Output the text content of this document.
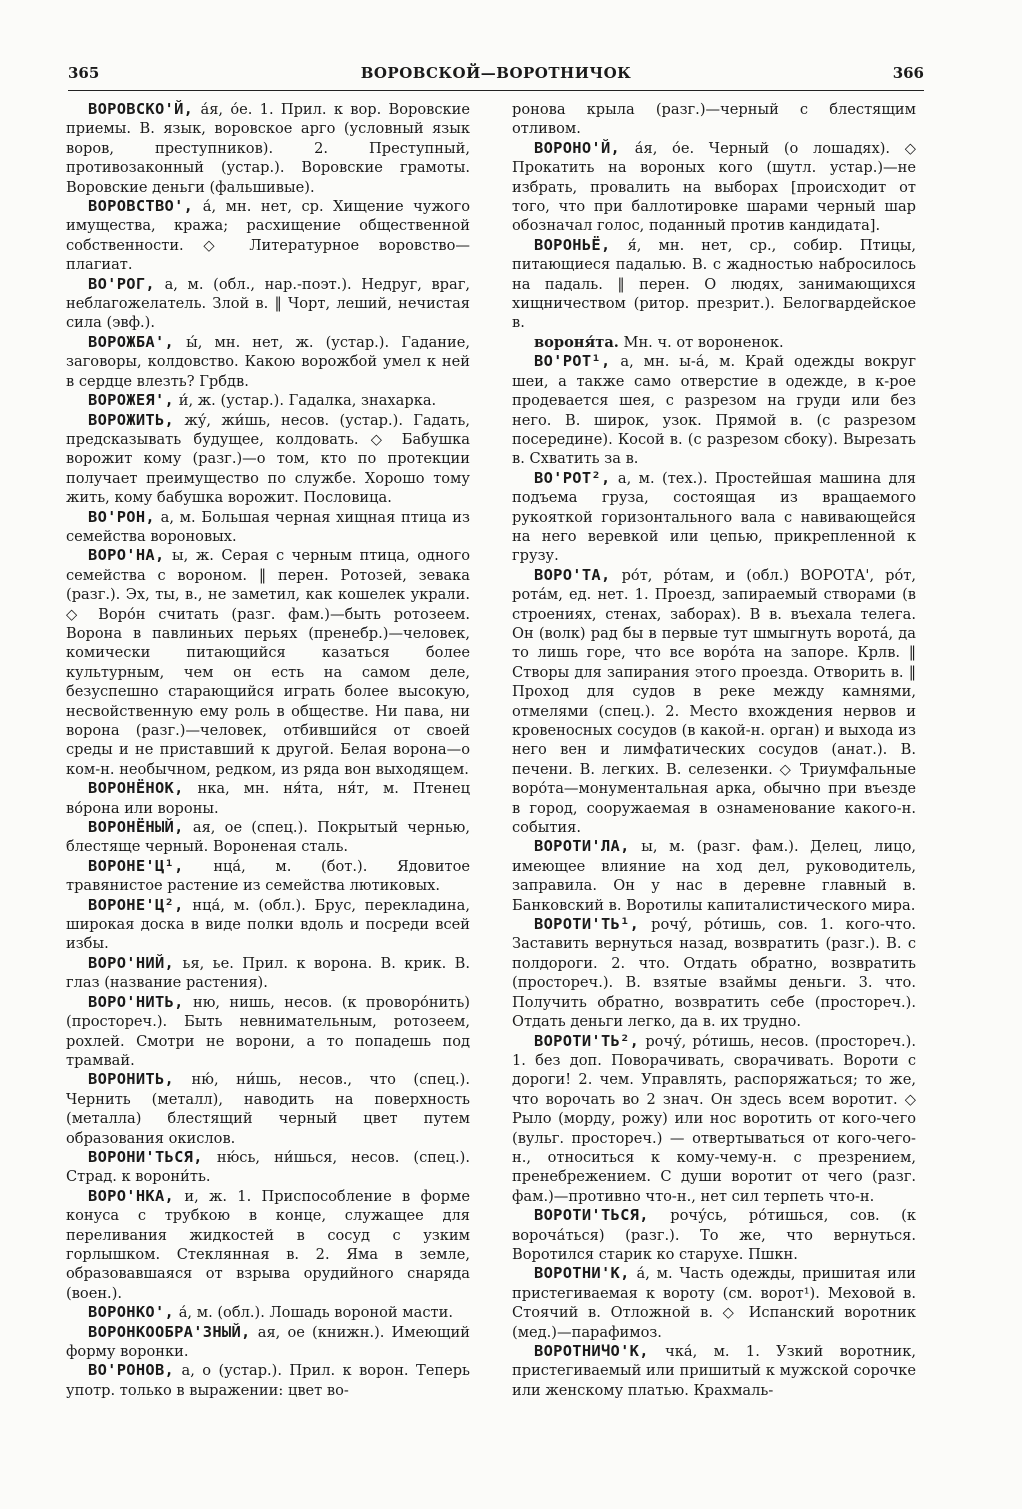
365	ВОРОВСКОЙ—ВОРОТНИЧОК	366

ВОРОВСКО'Й, а́я, о́е. 1. Прил. к вор. Воровские приемы. В. язык, воровское арго (условный язык воров, преступников). 2. Преступный, противозаконный (устар.). Воровские грамоты. Воровские деньги (фальшивые).

ВОРОВСТВО', а́, мн. нет, ср. Хищение чужого имущества, кража; расхищение общественной собственности. ◇ Литературное воровство—плагиат.

ВО'РОГ, а, м. (обл., нар.-поэт.). Недруг, враг, неблагожелатель. Злой в. ‖ Чорт, леший, нечистая сила (эвф.).

ВОРОЖБА', ы́, мн. нет, ж. (устар.). Гадание, заговоры, колдовство. Какою ворожбой умел к ней в сердце влезть? Грбдв.

ВОРОЖЕЯ', и́, ж. (устар.). Гадалка, знахарка.

ВОРОЖИТЬ, жу́, жи́шь, несов. (устар.). Гадать, предсказывать будущее, колдовать. ◇ Бабушка ворожит кому (разг.)—о том, кто по протекции получает преимущество по службе. Хорошо тому жить, кому бабушка ворожит. Пословица.

ВО'РОН, а, м. Большая черная хищная птица из семейства вороновых.

ВОРО'НА, ы, ж. Серая с черным птица, одного семейства с вороном. ‖ перен. Ротозей, зевака (разг.). Эх, ты, в., не заметил, как кошелек украли. ◇ Воро́н считать (разг. фам.)—быть ротозеем. Ворона в павлиньих перьях (пренебр.)—человек, комически питающийся казаться более культурным, чем он есть на самом деле, безуспешно старающийся играть более высокую, несвойственную ему роль в обществе. Ни пава, ни ворона (разг.)—человек, отбившийся от своей среды и не приставший к другой. Белая ворона—о ком-н. необычном, редком, из ряда вон выходящем.

ВОРОНЁНОК, нка, мн. ня́та, ня́т, м. Птенец во́рона или вороны.

ВОРОНЁНЫЙ, ая, ое (спец.). Покрытый чернью, блестяще черный. Вороненая сталь.

ВОРОНЕ'Ц¹, нца́, м. (бот.). Ядовитое травянистое растение из семейства лютиковых.

ВОРОНЕ'Ц², нца́, м. (обл.). Брус, перекладина, широкая доска в виде полки вдоль и посреди всей избы.

ВОРО'НИЙ, ья, ье. Прил. к ворона. В. крик. В. глаз (название растения).

ВОРО'НИТЬ, ню, нишь, несов. (к проворо́нить) (простореч.). Быть невнимательным, ротозеем, рохлей. Смотри не ворони, а то попадешь под трамвай.

ВОРОНИТЬ, ню́, ни́шь, несов., что (спец.). Чернить (металл), наводить на поверхность (металла) блестящий черный цвет путем образования окислов.

ВОРОНИ'ТЬСЯ, ню́сь, ни́шься, несов. (спец.). Страд. к ворони́ть.

ВОРО'НКА, и, ж. 1. Приспособление в форме конуса с трубкою в конце, служащее для переливания жидкостей в сосуд с узким горлышком. Стеклянная в. 2. Яма в земле, образовавшаяся от взрыва орудийного снаряда (воен.).

ВОРОНКО', а́, м. (обл.). Лошадь вороной масти.

ВОРОНКООБРА'ЗНЫЙ, ая, ое (книжн.). Имеющий форму воронки.

ВО'РОНОВ, а, о (устар.). Прил. к ворон. Теперь употр. только в выражении: цвет во-

ронова крыла (разг.)—черный с блестящим отливом.

ВОРОНО'Й, а́я, о́е. Черный (о лошадях). ◇ Прокатить на вороных кого (шутл. устар.)—не избрать, провалить на выборах [происходит от того, что при баллотировке шарами черный шар обозначал голос, поданный против кандидата].

ВОРОНЬЁ, я́, мн. нет, ср., собир. Птицы, питающиеся падалью. В. с жадностью набросилось на падаль. ‖ перен. О людях, занимающихся хищничеством (ритор. презрит.). Белогвардейское в.

вороня́та. Мн. ч. от вороненок.

ВО'РОТ¹, а, мн. ы-а́, м. Край одежды вокруг шеи, а также само отверстие в одежде, в к-рое продевается шея, с разрезом на груди или без него. В. широк, узок. Прямой в. (с разрезом посередине). Косой в. (с разрезом сбоку). Вырезать в. Схватить за в.

ВО'РОТ², а, м. (тех.). Простейшая машина для подъема груза, состоящая из вращаемого рукояткой горизонтального вала с навивающейся на него веревкой или цепью, прикрепленной к грузу.

ВОРО'ТА, ро́т, ро́там, и (обл.) ВОРОТА', ро́т, рота́м, ед. нет. 1. Проезд, запираемый створами (в строениях, стенах, заборах). В в. въехала телега. Он (волк) рад бы в первые тут шмыгнуть ворота́, да то лишь горе, что все воро́та на запоре. Крлв. ‖ Створы для запирания этого проезда. Отворить в. ‖ Проход для судов в реке между камнями, отмелями (спец.). 2. Место вхождения нервов и кровеносных сосудов (в какой-н. орган) и выхода из него вен и лимфатических сосудов (анат.). В. печени. В. легких. В. селезенки. ◇ Триумфальные воро́та—монументальная арка, обычно при въезде в город, сооружаемая в ознаменование какого-н. события.

ВОРОТИ'ЛА, ы, м. (разг. фам.). Делец, лицо, имеющее влияние на ход дел, руководитель, заправила. Он у нас в деревне главный в. Банковский в. Воротилы капиталистического мира.

ВОРОТИ'ТЬ¹, рочу́, ро́тишь, сов. 1. кого-что. Заставить вернуться назад, возвратить (разг.). В. с полдороги. 2. что. Отдать обратно, возвратить (простореч.). В. взятые взаймы деньги. 3. что. Получить обратно, возвратить себе (простореч.). Отдать деньги легко, да в. их трудно.

ВОРОТИ'ТЬ², рочу́, ро́тишь, несов. (простореч.). 1. без доп. Поворачивать, сворачивать. Вороти с дороги! 2. чем. Управлять, распоряжаться; то же, что ворочать во 2 знач. Он здесь всем воротит. ◇ Рыло (морду, рожу) или нос воротить от кого-чего (вульг. простореч.) — отвертываться от кого-чего-н., относиться к кому-чему-н. с презрением, пренебрежением. С души воротит от чего (разг. фам.)—противно что-н., нет сил терпеть что-н.

ВОРОТИ'ТЬСЯ, рочу́сь, ро́тишься, сов. (к вороча́ться) (разг.). То же, что вернуться. Воротился старик ко старухе. Пшкн.

ВОРОТНИ'К, а́, м. Часть одежды, пришитая или пристегиваемая к вороту (см. ворот¹). Меховой в. Стоячий в. Отложной в. ◇ Испанский воротник (мед.)—парафимоз.

ВОРОТНИЧО'К, чка́, м. 1. Узкий воротник, пристегиваемый или пришитый к мужской сорочке или женскому платью. Крахмаль-
